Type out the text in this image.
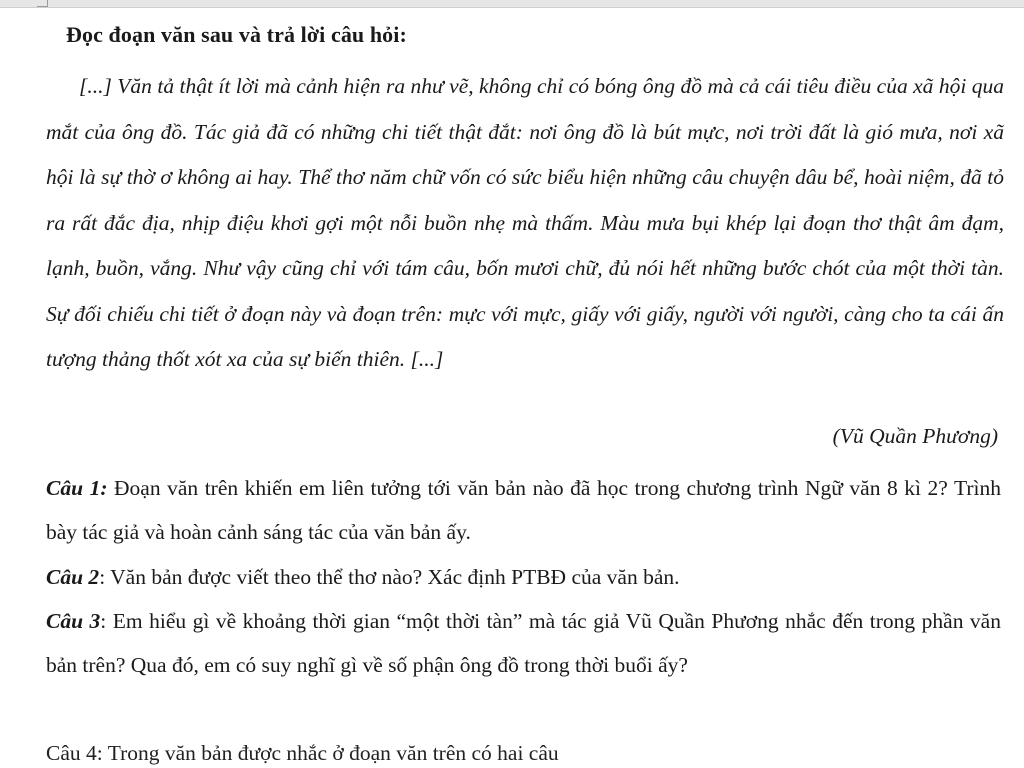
Đọc đoạn văn sau và trả lời câu hỏi:

[...] Văn tả thật ít lời mà cảnh hiện ra như vẽ, không chỉ có bóng ông đồ mà cả cái tiêu điều của xã hội qua mắt của ông đồ. Tác giả đã có những chi tiết thật đắt: nơi ông đồ là bút mực, nơi trời đất là gió mưa, nơi xã hội là sự thờ ơ không ai hay. Thể thơ năm chữ vốn có sức biểu hiện những câu chuyện dâu bể, hoài niệm, đã tỏ ra rất đắc địa, nhịp điệu khơi gợi một nỗi buồn nhẹ mà thấm. Màu mưa bụi khép lại đoạn thơ thật âm đạm, lạnh, buồn, vắng. Như vậy cũng chỉ với tám câu, bốn mươi chữ, đủ nói hết những bước chót của một thời tàn. Sự đối chiếu chi tiết ở đoạn này và đoạn trên: mực với mực, giấy với giấy, người với người, càng cho ta cái ấn tượng thảng thốt xót xa của sự biến thiên. [...]

(Vũ Quần Phương)

Câu 1: Đoạn văn trên khiến em liên tưởng tới văn bản nào đã học trong chương trình Ngữ văn 8 kì 2? Trình bày tác giả và hoàn cảnh sáng tác của văn bản ấy.

Câu 2: Văn bản được viết theo thể thơ nào? Xác định PTBĐ của văn bản.

Câu 3: Em hiểu gì về khoảng thời gian “một thời tàn” mà tác giả Vũ Quần Phương nhắc đến trong phần văn bản trên? Qua đó, em có suy nghĩ gì về số phận ông đồ trong thời buổi ấy?

Câu 4: Trong văn bản được nhắc ở đoạn văn trên có hai câu
